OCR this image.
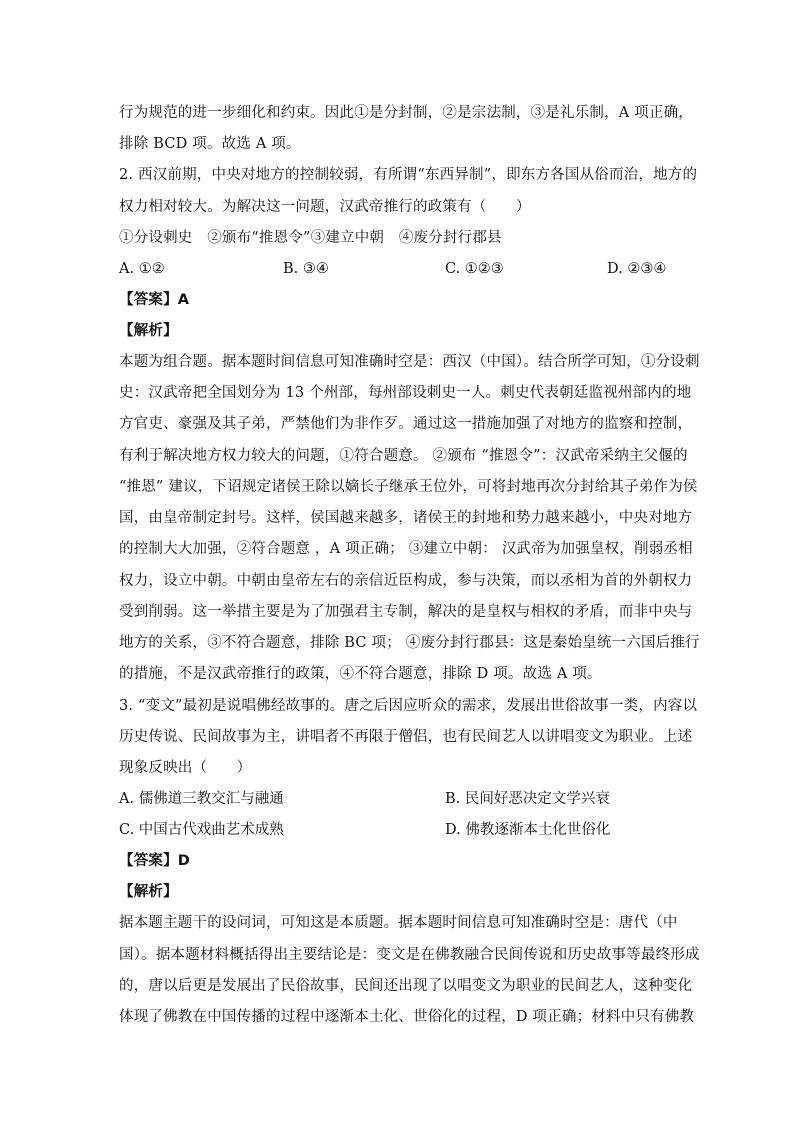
行为规范的进一步细化和约束。因此①是分封制，②是宗法制，③是礼乐制，A 项正确，
排除 BCD 项。故选 A 项。
2. 西汉前期，中央对地方的控制较弱，有所谓“东西异制”，即东方各国从俗而治，地方的
权力相对较大。为解决这一问题，汉武帝推行的政策有（　　）
①分设刺史　②颁布“推恩令”③建立中朝　④废分封行郡县
A. ①②	B. ③④	C. ①②③	D. ②③④
【答案】A
【解析】
本题为组合题。据本题时间信息可知准确时空是：西汉（中国）。结合所学可知，①分设刺
史：汉武帝把全国划分为 13 个州部，每州部设刺史一人。刺史代表朝廷监视州部内的地
方官吏、豪强及其子弟，严禁他们为非作歹。通过这一措施加强了对地方的监察和控制，
有利于解决地方权力较大的问题，①符合题意。 ②颁布 “推恩令”：汉武帝采纳主父偃的
“推恩” 建议，下诏规定诸侯王除以嫡长子继承王位外，可将封地再次分封给其子弟作为侯
国，由皇帝制定封号。这样，侯国越来越多，诸侯王的封地和势力越来越小，中央对地方
的控制大大加强，②符合题意 ，A 项正确； ③建立中朝： 汉武帝为加强皇权，削弱丞相
权力，设立中朝。中朝由皇帝左右的亲信近臣构成，参与决策，而以丞相为首的外朝权力
受到削弱。这一举措主要是为了加强君主专制，解决的是皇权与相权的矛盾，而非中央与
地方的关系，③不符合题意，排除 BC 项； ④废分封行郡县：这是秦始皇统一六国后推行
的措施，不是汉武帝推行的政策，④不符合题意，排除 D 项。故选 A 项。
3. “变文”最初是说唱佛经故事的。唐之后因应听众的需求，发展出世俗故事一类，内容以
历史传说、民间故事为主，讲唱者不再限于僧侣，也有民间艺人以讲唱变文为职业。上述
现象反映出（　　）
A. 儒佛道三教交汇与融通	B. 民间好恶决定文学兴衰
C. 中国古代戏曲艺术成熟	D. 佛教逐渐本土化世俗化
【答案】D
【解析】
据本题主题干的设问词，可知这是本质题。据本题时间信息可知准确时空是：唐代（中
国）。据本题材料概括得出主要结论是：变文是在佛教融合民间传说和历史故事等最终形成
的，唐以后更是发展出了民俗故事，民间还出现了以唱变文为职业的民间艺人，这种变化
体现了佛教在中国传播的过程中逐渐本土化、世俗化的过程，D 项正确；材料中只有佛教
